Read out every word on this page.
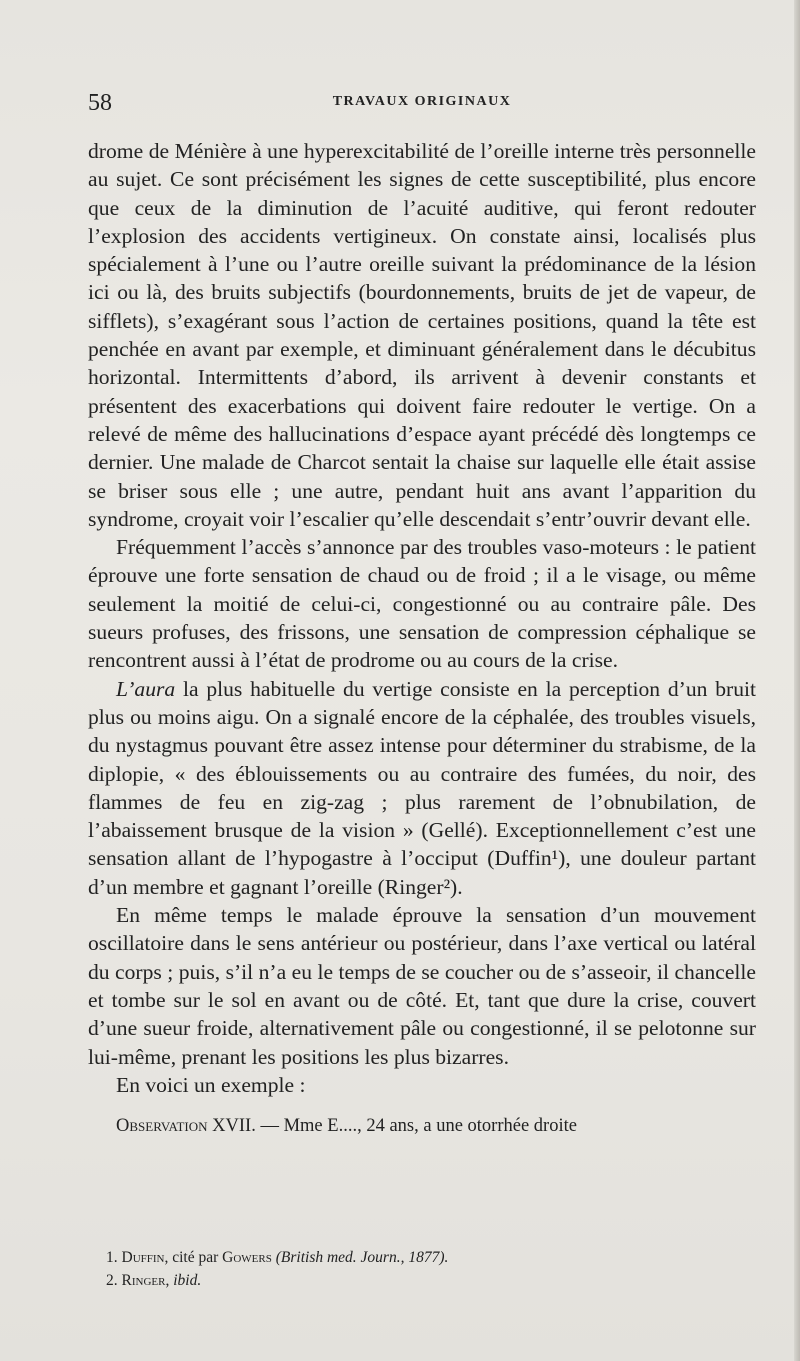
58	TRAVAUX ORIGINAUX

drome de Ménière à une hyperexcitabilité de l’oreille interne très personnelle au sujet. Ce sont précisément les signes de cette susceptibilité, plus encore que ceux de la diminution de l’acuité auditive, qui feront redouter l’explosion des accidents vertigineux. On constate ainsi, localisés plus spécialement à l’une ou l’autre oreille suivant la prédominance de la lésion ici ou là, des bruits subjectifs (bourdonnements, bruits de jet de vapeur, de sifflets), s’exagérant sous l’action de certaines positions, quand la tête est penchée en avant par exemple, et diminuant généralement dans le décubitus horizontal. Intermittents d’abord, ils arrivent à devenir constants et présentent des exacerbations qui doivent faire redouter le vertige. On a relevé de même des hallucinations d’espace ayant précédé dès longtemps ce dernier. Une malade de Charcot sentait la chaise sur laquelle elle était assise se briser sous elle ; une autre, pendant huit ans avant l’apparition du syndrome, croyait voir l’escalier qu’elle descendait s’entr’ouvrir devant elle.

Fréquemment l’accès s’annonce par des troubles vaso-moteurs : le patient éprouve une forte sensation de chaud ou de froid ; il a le visage, ou même seulement la moitié de celui-ci, congestionné ou au contraire pâle. Des sueurs profuses, des frissons, une sensation de compression céphalique se rencontrent aussi à l’état de prodrome ou au cours de la crise.

L’aura la plus habituelle du vertige consiste en la perception d’un bruit plus ou moins aigu. On a signalé encore de la céphalée, des troubles visuels, du nystagmus pouvant être assez intense pour déterminer du strabisme, de la diplopie, « des éblouissements ou au contraire des fumées, du noir, des flammes de feu en zig-zag ; plus rarement de l’obnubilation, de l’abaissement brusque de la vision » (Gellé). Exceptionnellement c’est une sensation allant de l’hypogastre à l’occiput (Duffin¹), une douleur partant d’un membre et gagnant l’oreille (Ringer²).

En même temps le malade éprouve la sensation d’un mouvement oscillatoire dans le sens antérieur ou postérieur, dans l’axe vertical ou latéral du corps ; puis, s’il n’a eu le temps de se coucher ou de s’asseoir, il chancelle et tombe sur le sol en avant ou de côté. Et, tant que dure la crise, couvert d’une sueur froide, alternativement pâle ou congestionné, il se pelotonne sur lui-même, prenant les positions les plus bizarres.

En voici un exemple :

Observation XVII. — Mme E...., 24 ans, a une otorrhée droite

1. Duffin, cité par Gowers (British med. Journ., 1877).

2. Ringer, ibid.
